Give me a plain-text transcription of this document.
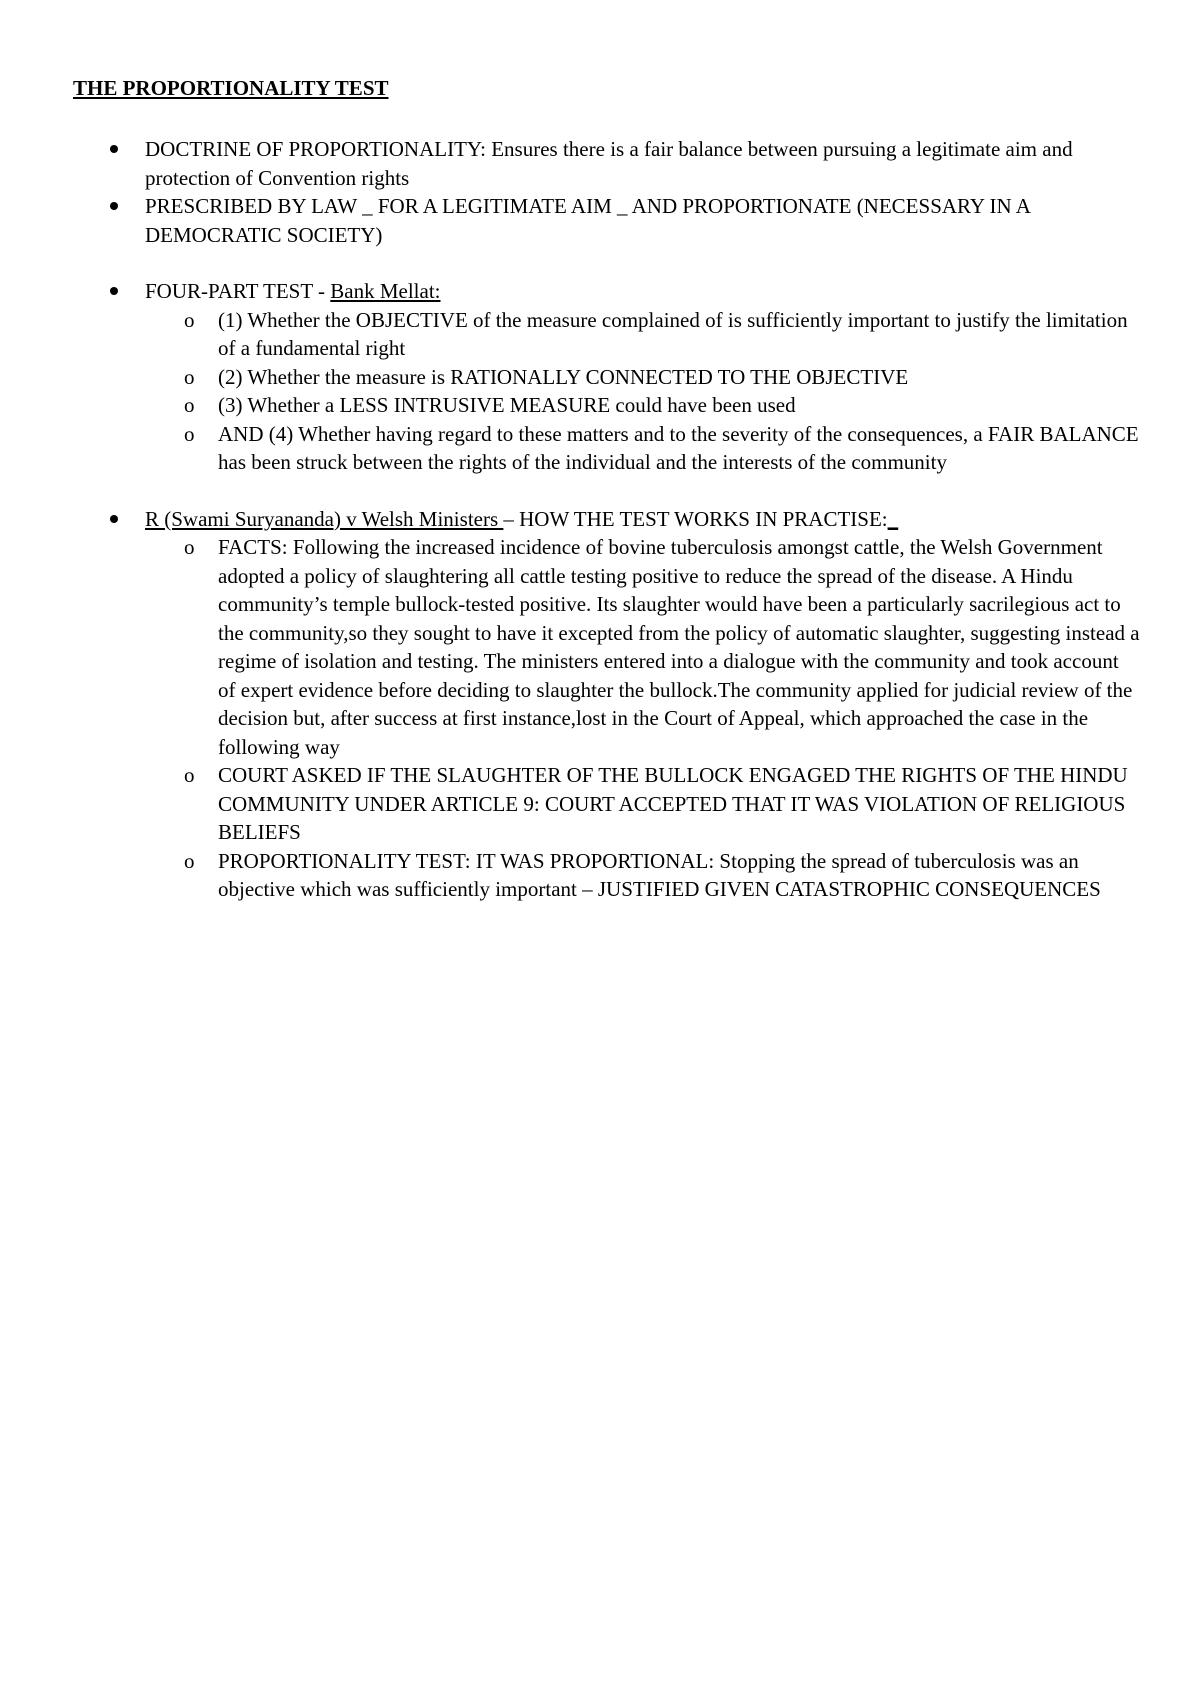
THE PROPORTIONALITY TEST
DOCTRINE OF PROPORTIONALITY: Ensures there is a fair balance between pursuing a legitimate aim and protection of Convention rights
PRESCRIBED BY LAW _ FOR A LEGITIMATE AIM _ AND PROPORTIONATE (NECESSARY IN A DEMOCRATIC SOCIETY)
FOUR-PART TEST - Bank Mellat:
o (1) Whether the OBJECTIVE of the measure complained of is sufficiently important to justify the limitation of a fundamental right
o (2) Whether the measure is RATIONALLY CONNECTED TO THE OBJECTIVE
o (3) Whether a LESS INTRUSIVE MEASURE could have been used
o AND (4) Whether having regard to these matters and to the severity of the consequences, a FAIR BALANCE has been struck between the rights of the individual and the interests of the community
R (Swami Suryananda) v Welsh Ministers – HOW THE TEST WORKS IN PRACTISE:_
o FACTS: Following the increased incidence of bovine tuberculosis amongst cattle, the Welsh Government adopted a policy of slaughtering all cattle testing positive to reduce the spread of the disease. A Hindu community’s temple bullock-tested positive. Its slaughter would have been a particularly sacrilegious act to the community,so they sought to have it excepted from the policy of automatic slaughter, suggesting instead a regime of isolation and testing. The ministers entered into a dialogue with the community and took account of expert evidence before deciding to slaughter the bullock.The community applied for judicial review of the decision but, after success at first instance,lost in the Court of Appeal, which approached the case in the following way
o COURT ASKED IF THE SLAUGHTER OF THE BULLOCK ENGAGED THE RIGHTS OF THE HINDU COMMUNITY UNDER ARTICLE 9: COURT ACCEPTED THAT IT WAS VIOLATION OF RELIGIOUS BELIEFS
o PROPORTIONALITY TEST: IT WAS PROPORTIONAL: Stopping the spread of tuberculosis was an objective which was sufficiently important – JUSTIFIED GIVEN CATASTROPHIC CONSEQUENCES
